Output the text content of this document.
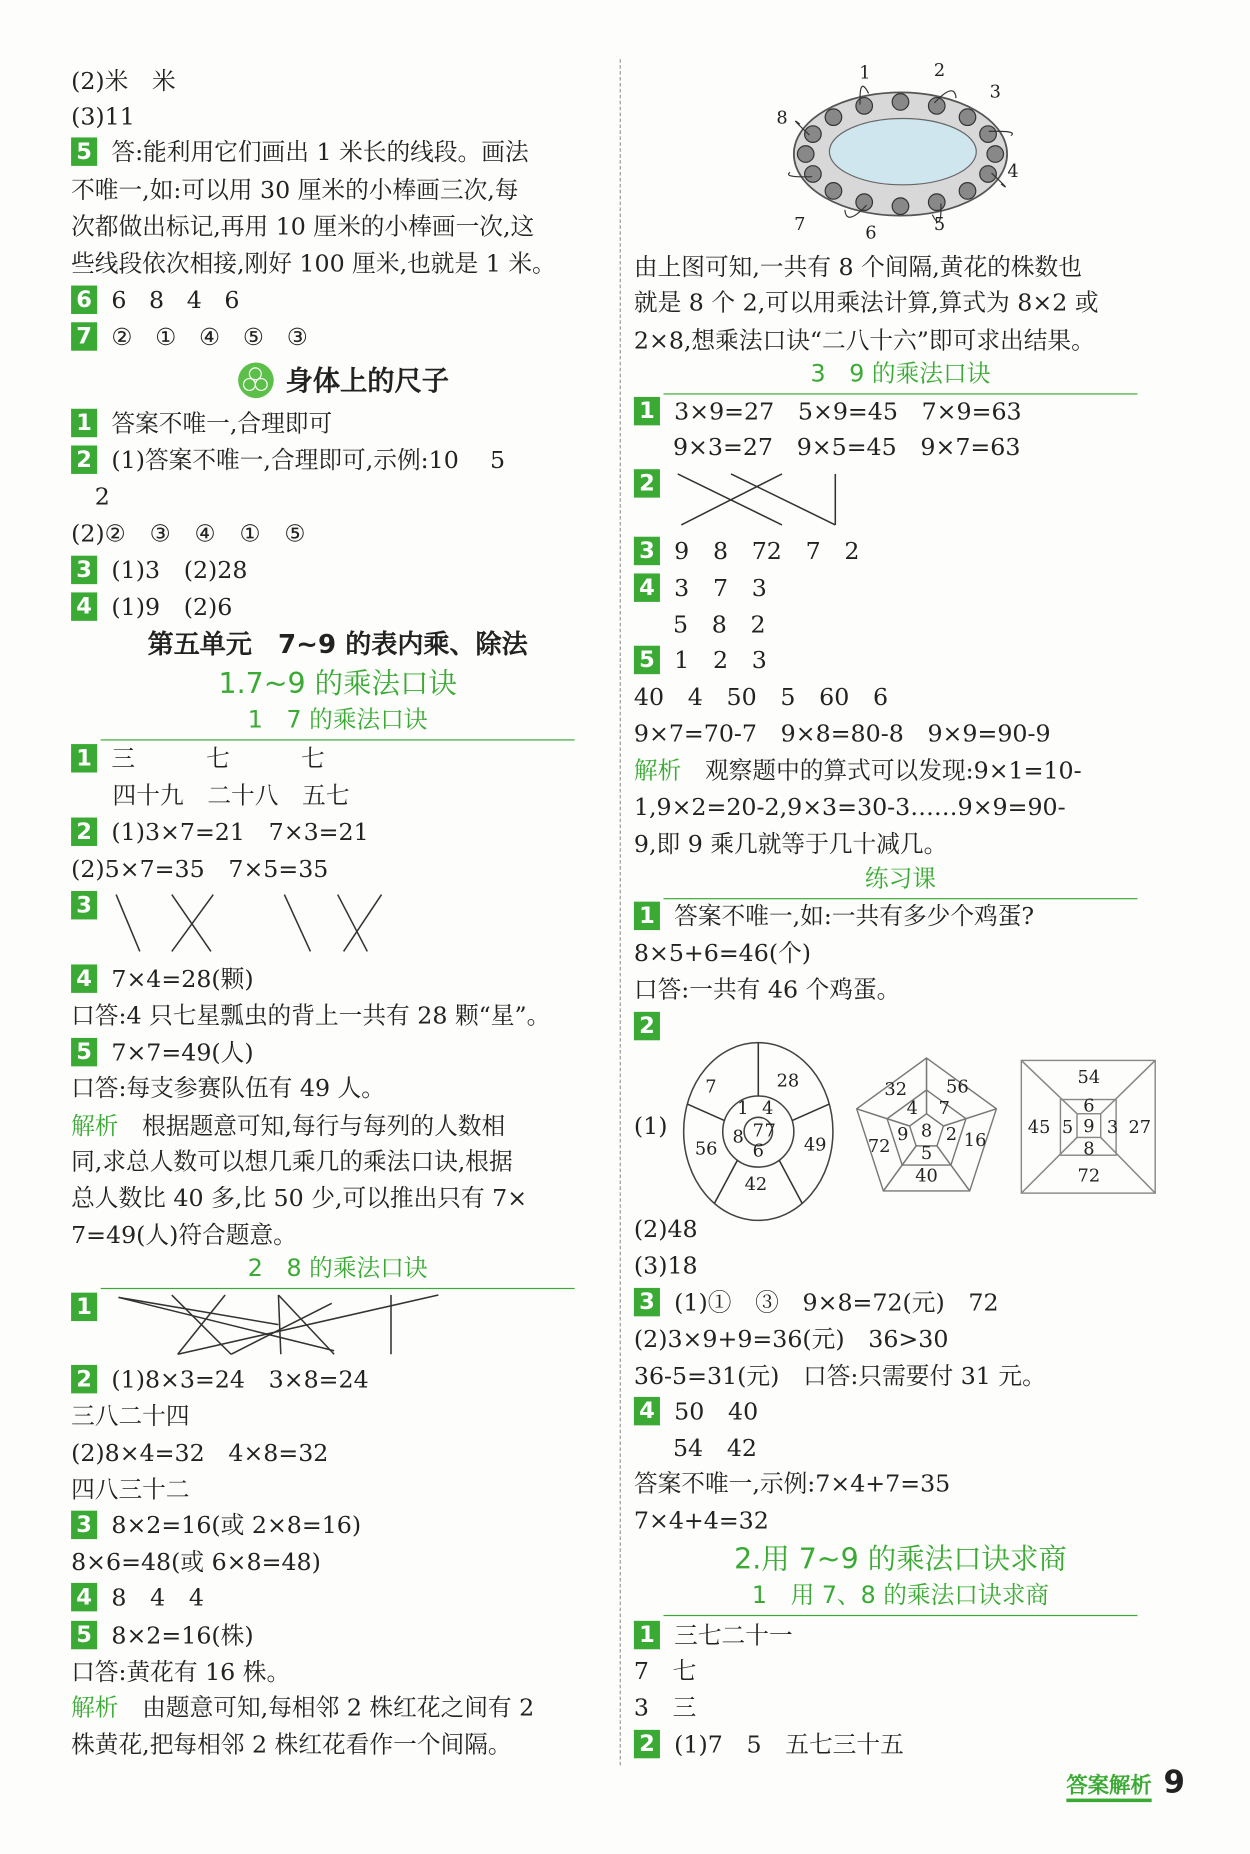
1	2
3
4
5
6
7
8
7	28
49
42
56
1 4
7
6
8 7
32	56
16
40
72
4 7
2
5
9 8
54
27
72
45
6
3
8
5 9
答案解析 9
(2)米　米
(3)11
5 答:能利用它们画出 1 米长的线段。画法
不唯一,如:可以用 30 厘米的小棒画三次,每
次都做出标记,再用 10 厘米的小棒画一次,这
些线段依次相接,刚好 100 厘米,也就是 1 米。
6 6   8   4   6
7 ②   ①   ④   ⑤   ③
身体上的尺子
1 答案不唯一,合理即可
2 (1)答案不唯一,合理即可,示例:10　 5
2
(2)②　③　④　①　⑤
3 (1)3　(2)28
4 (1)9　(2)6
第五单元　7~9 的表内乘、除法
1.7~9 的乘法口诀
1　7 的乘法口诀
1 三　　　七　　　七
四十九　二十八　五七
2 (1)3×7=21　7×3=21
(2)5×7=35　7×5=35
3
4 7×4=28(颗)
口答:4 只七星瓢虫的背上一共有 28 颗“星”。
5 7×7=49(人)
口答:每支参赛队伍有 49 人。
解析 根据题意可知,每行与每列的人数相
同,求总人数可以想几乘几的乘法口诀,根据
总人数比 40 多,比 50 少,可以推出只有 7×
7=49(人)符合题意。
2　8 的乘法口诀
1
2 (1)8×3=24　3×8=24
三八二十四
(2)8×4=32　4×8=32
四八三十二
3 8×2=16(或 2×8=16)
8×6=48(或 6×8=48)
4 8　4　4
5 8×2=16(株)
口答:黄花有 16 株。
解析 由题意可知,每相邻 2 株红花之间有 2
株黄花,把每相邻 2 株红花看作一个间隔。
由上图可知,一共有 8 个间隔,黄花的株数也
就是 8 个 2,可以用乘法计算,算式为 8×2 或
2×8,想乘法口诀“二八十六”即可求出结果。
3　9 的乘法口诀
1 3×9=27　5×9=45　7×9=63
9×3=27　9×5=45　9×7=63
2
3 9　8　72　7　2
4 3　7　3
5　8　2
5 1　2　3
40　4　50　5　60　6
9×7=70-7　9×8=80-8　9×9=90-9
解析 观察题中的算式可以发现:9×1=10-
1,9×2=20-2,9×3=30-3……9×9=90-
9,即 9 乘几就等于几十减几。
练习课
1 答案不唯一,如:一共有多少个鸡蛋?
8×5+6=46(个)
口答:一共有 46 个鸡蛋。
2
(1)
(2)48
(3)18
3 (1)①　③　9×8=72(元)　72
(2)3×9+9=36(元)　36>30
36-5=31(元)　口答:只需要付 31 元。
4 50　40
54　42
答案不唯一,示例:7×4+7=35
7×4+4=32
2.用 7~9 的乘法口诀求商
1　用 7、8 的乘法口诀求商
1 三七二十一
7　七
3　三
2 (1)7　5　五七三十五
